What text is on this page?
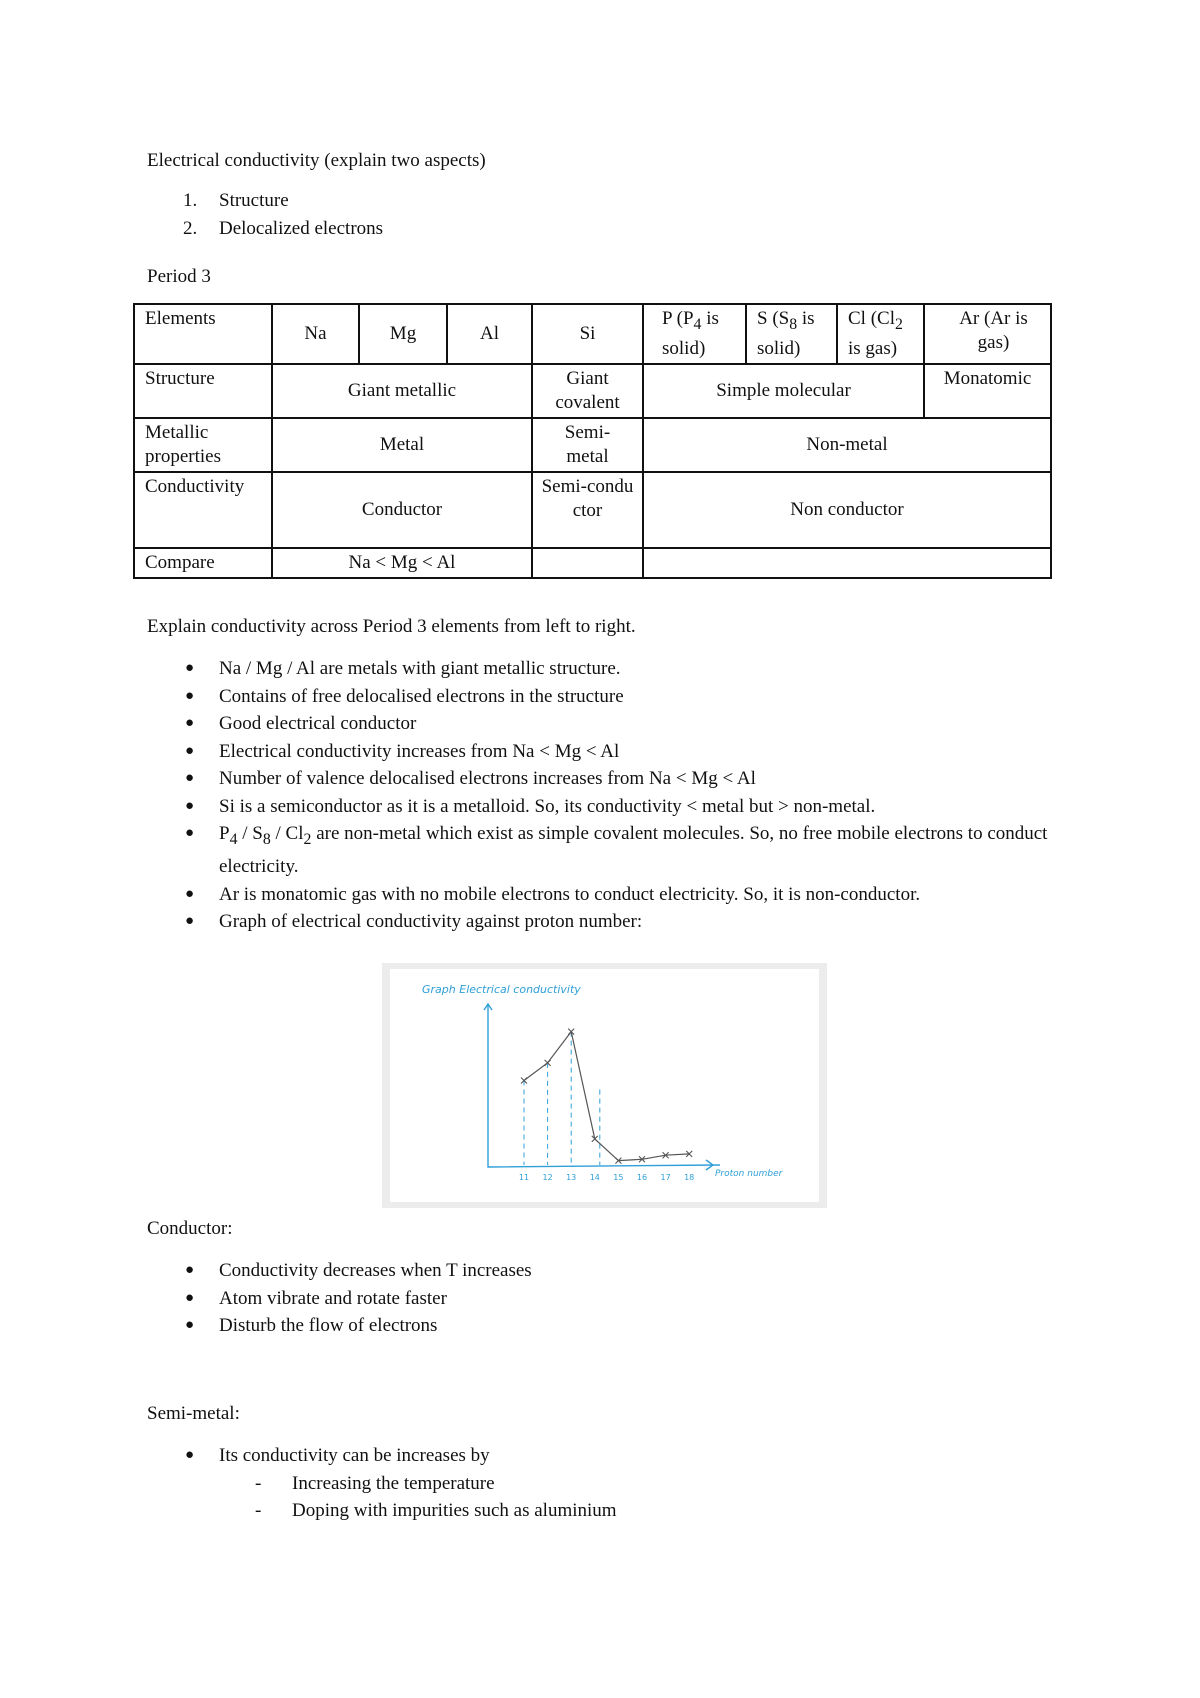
Electrical conductivity (explain two aspects)

1. Structure
2. Delocalized electrons

Period 3

Elements	Na	Mg	Al	Si	P ($P_4$ is solid)	S ($S_8$ is solid)	Cl ($Cl_2$ is gas)	Ar (Ar is gas)
Structure	Giant metallic			Giant covalent	Simple molecular			Monatomic
Metallic properties	Metal			Semi-metal	Non-metal			
Conductivity	Conductor			Semi-conductor	Non conductor			
Compare	Na < Mg < Al							

Explain conductivity across Period 3 elements from left to right.

● Na / Mg / Al are metals with giant metallic structure.
● Contains of free delocalised electrons in the structure
● Good electrical conductor
● Electrical conductivity increases from Na < Mg < Al
● Number of valence delocalised electrons increases from Na < Mg < Al
● Si is a semiconductor as it is a metalloid. So, its conductivity < metal but > non-metal.
● $P_4 / S_8 / Cl_2$ are non-metal which exist as simple covalent molecules. So, no free mobile electrons to conduct electricity.
● Ar is monatomic gas with no mobile electrons to conduct electricity. So, it is non-conductor.
● Graph of electrical conductivity against proton number:
Graph Electrical conductivity
11 12 13 14 15 16 17 18 Proton number

Conductor:

● Conductivity decreases when T increases
● Atom vibrate and rotate faster
● Disturb the flow of electrons

Semi-metal:

● Its conductivity can be increases by
- Increasing the temperature
- Doping with impurities such as aluminium
